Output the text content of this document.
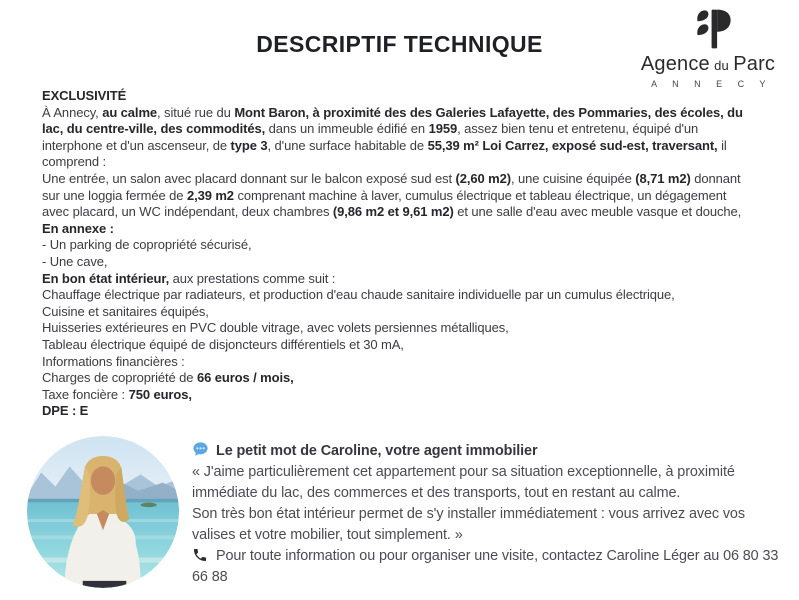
DESCRIPTIF TECHNIQUE
Agence  du  Parc
A N N E C Y

EXCLUSIVITÉ

À Annecy, au calme, situé rue du Mont Baron, à proximité des des Galeries Lafayette, des Pommaries, des écoles, du lac, du centre-ville, des commodités, dans un immeuble édifié en 1959, assez bien tenu et entretenu, équipé d'un interphone et d'un ascenseur, de type 3, d'une surface habitable de 55,39 m² Loi Carrez, exposé sud-est, traversant, il comprend :

Une entrée, un salon avec placard donnant sur le balcon exposé sud est (2,60 m2), une cuisine équipée (8,71 m2) donnant sur une loggia fermée de 2,39 m2 comprenant machine à laver, cumulus électrique et tableau électrique, un dégagement avec placard, un WC indépendant, deux chambres (9,86 m2 et 9,61 m2) et une salle d'eau avec meuble vasque et douche,

En annexe :

- Un parking de copropriété sécurisé,

- Une cave,

En bon état intérieur, aux prestations comme suit :

Chauffage électrique par radiateurs, et production d'eau chaude sanitaire individuelle par un cumulus électrique,

Cuisine et sanitaires équipés,

Huisseries extérieures en PVC double vitrage, avec volets persiennes métalliques,

Tableau électrique équipé de disjoncteurs différentiels et 30 mA,

Informations financières :

Charges de copropriété de 66 euros / mois,

Taxe foncière : 750 euros,

DPE : E

Le petit mot de Caroline, votre agent immobilier

« J'aime particulièrement cet appartement pour sa situation exceptionnelle, à proximité immédiate du lac, des commerces et des transports, tout en restant au calme.

Son très bon état intérieur permet de s'y installer immédiatement : vous arrivez avec vos valises et votre mobilier, tout simplement. »

Pour toute information ou pour organiser une visite, contactez Caroline Léger au 06 80 33 66 88
